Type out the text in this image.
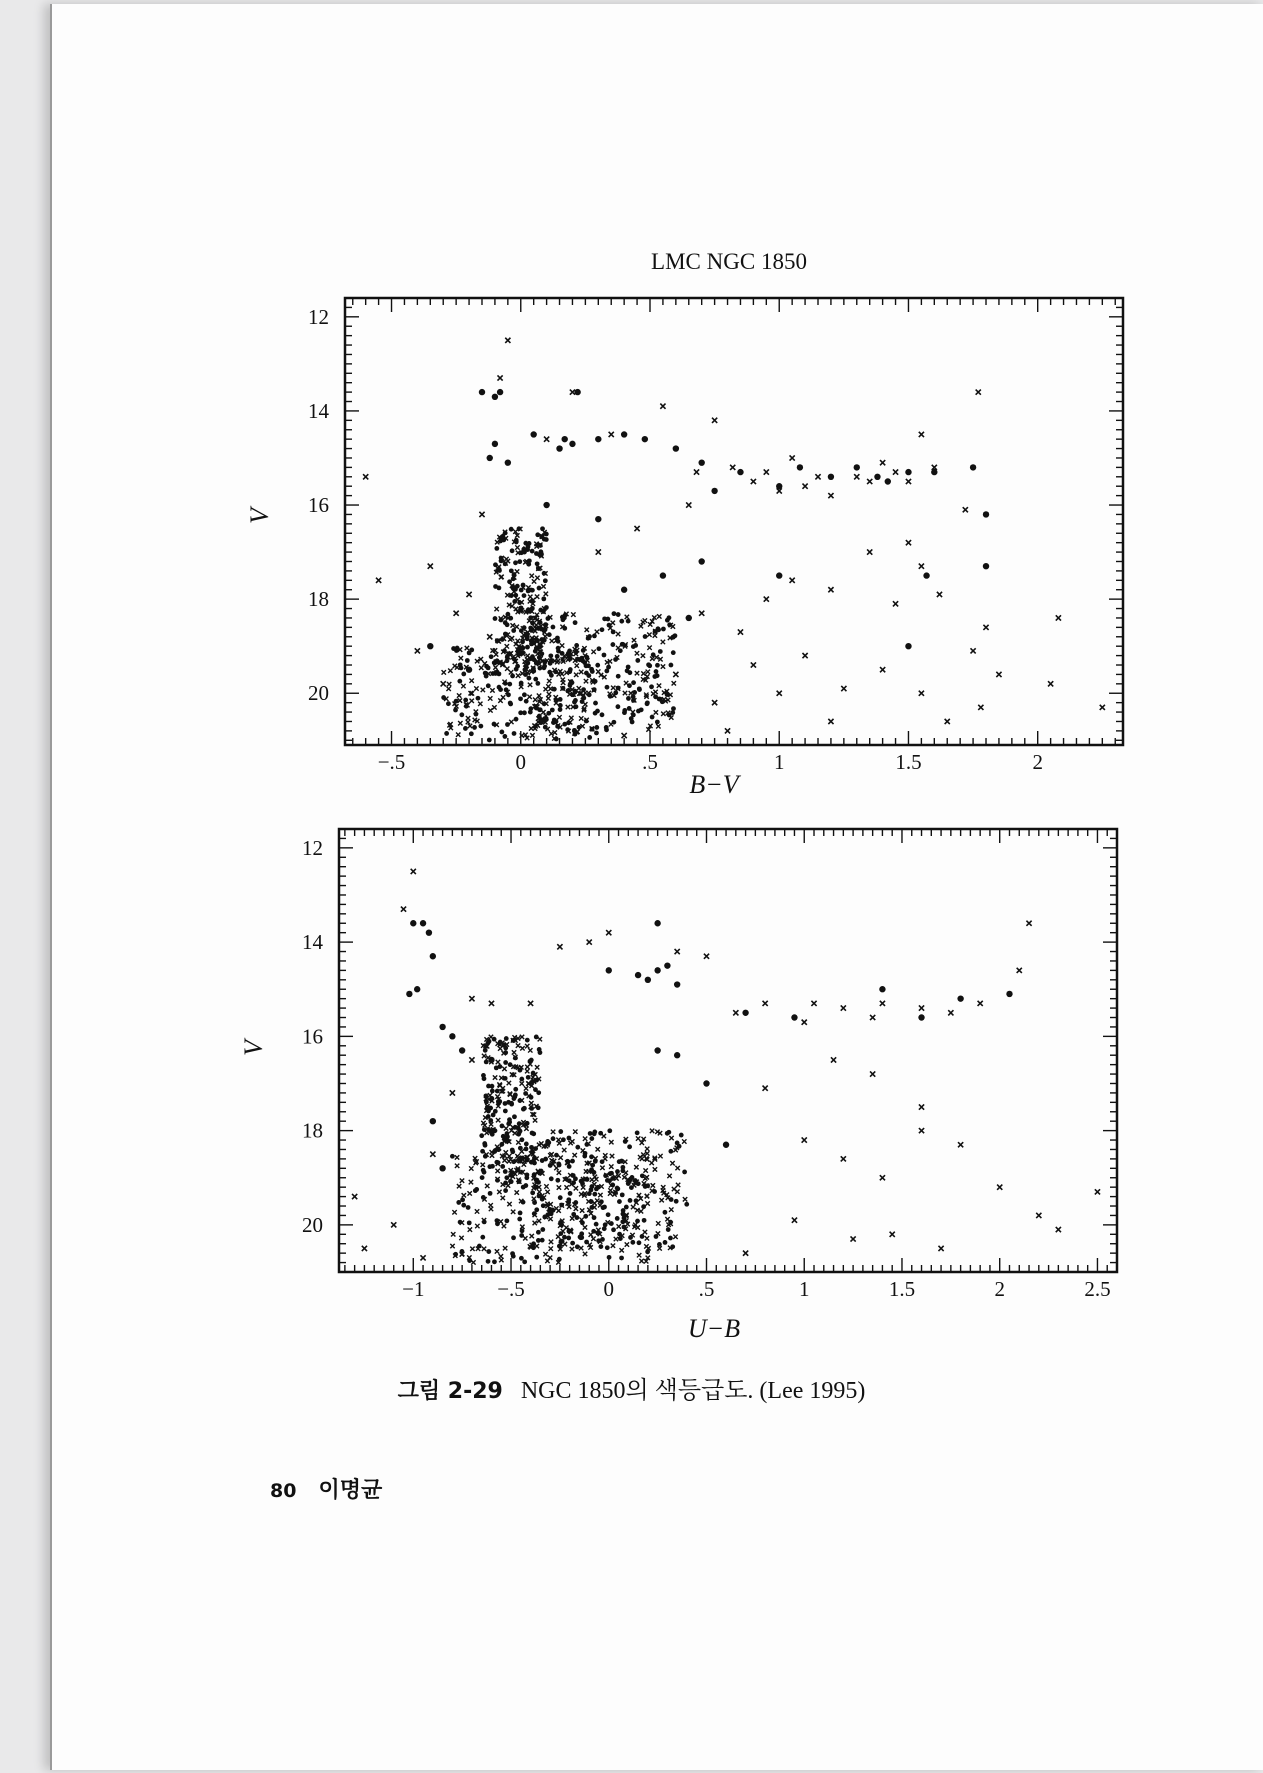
LMC NGC 1850
−.5	0	.5	1	1.5	2
12
14
16
18
20
B−V
V
−1	−.5	0	.5	1	1.5	2	2.5
12
14
16
18
20
U−B
V
그림 2-29 NGC 1850의 색등급도. (Lee 1995)
80 이명균
